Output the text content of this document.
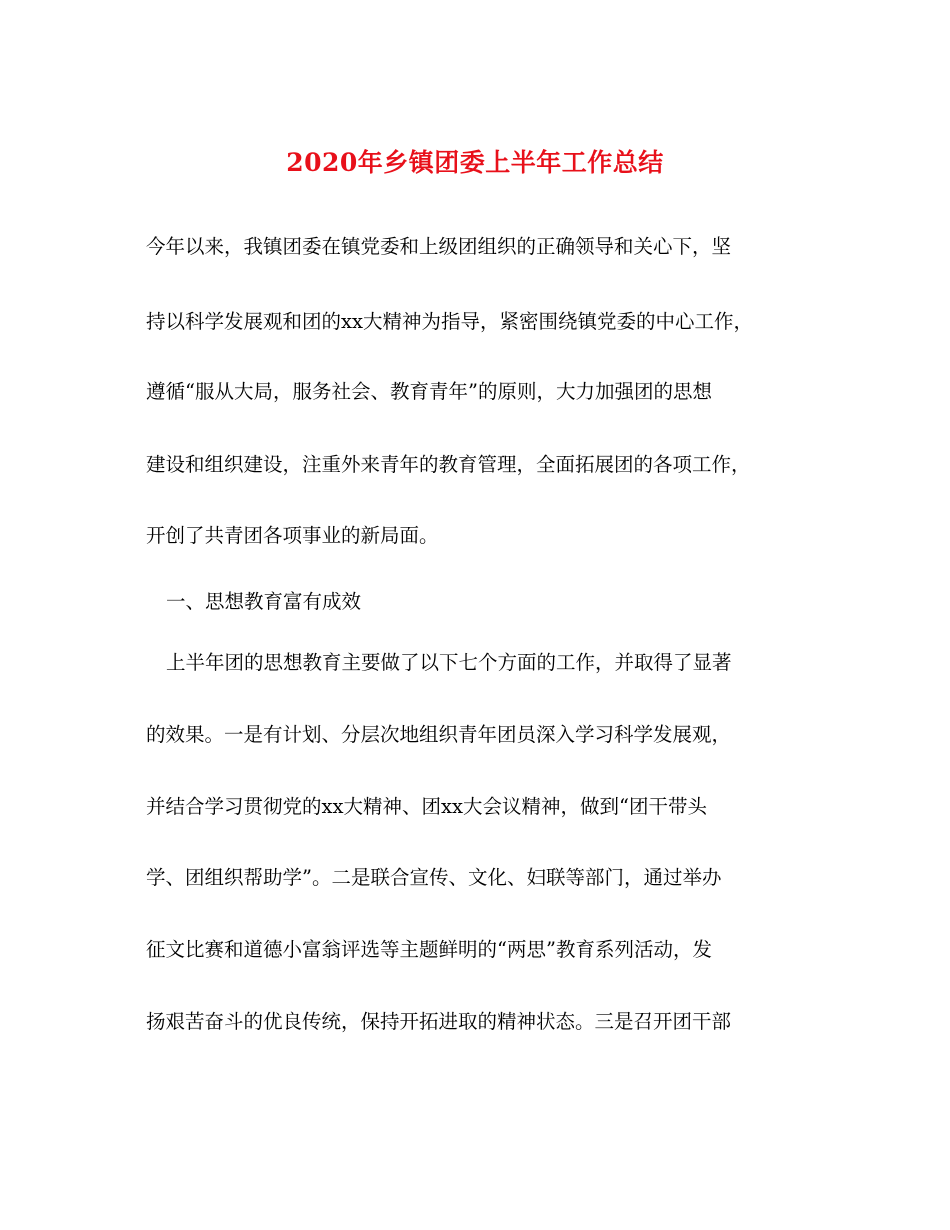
2020年乡镇团委上半年工作总结

今年以来，我镇团委在镇党委和上级团组织的正确领导和关心下，坚

持以科学发展观和团的xx大精神为指导，紧密围绕镇党委的中心工作，

遵循“服从大局，服务社会、教育青年”的原则，大力加强团的思想

建设和组织建设，注重外来青年的教育管理，全面拓展团的各项工作，

开创了共青团各项事业的新局面。

一、思想教育富有成效

上半年团的思想教育主要做了以下七个方面的工作，并取得了显著

的效果。一是有计划、分层次地组织青年团员深入学习科学发展观，

并结合学习贯彻党的xx大精神、团xx大会议精神，做到“团干带头

学、团组织帮助学”。二是联合宣传、文化、妇联等部门，通过举办

征文比赛和道德小富翁评选等主题鲜明的“两思”教育系列活动，发

扬艰苦奋斗的优良传统，保持开拓进取的精神状态。三是召开团干部
